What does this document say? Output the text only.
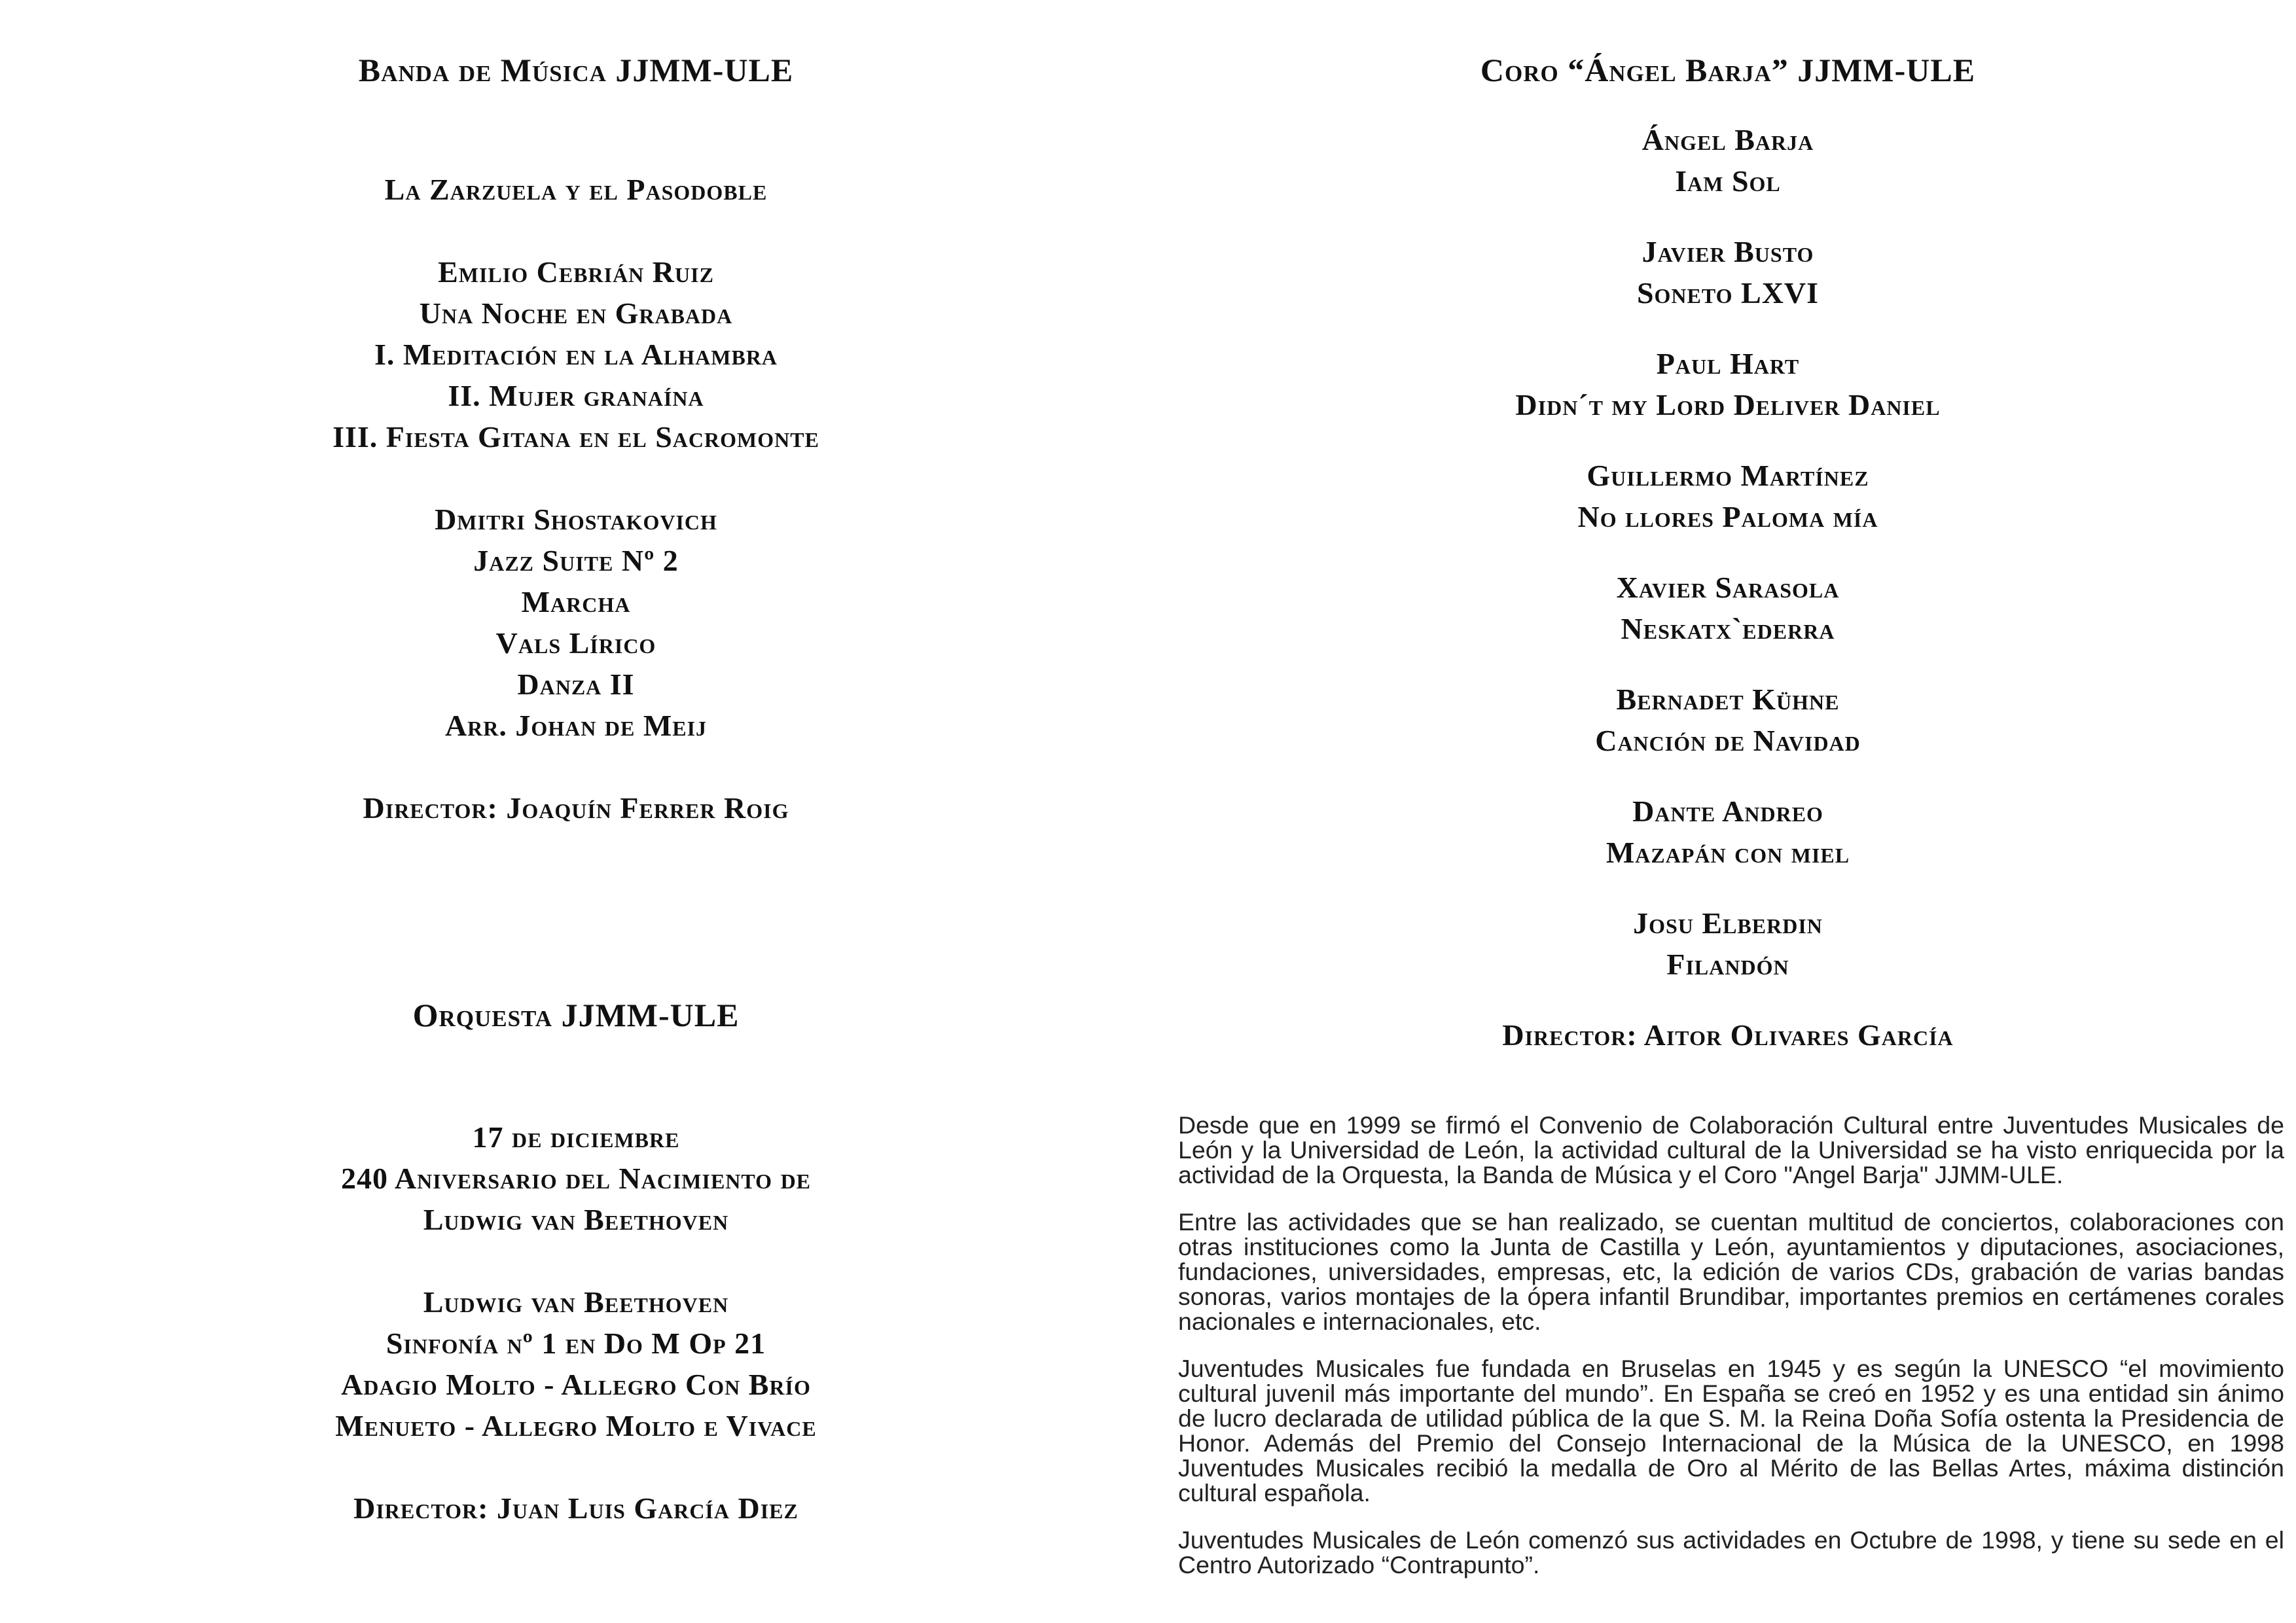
Banda de Música JJMM-ULE
La Zarzuela y el Pasodoble
Emilio Cebrián Ruiz
Una Noche en Grabada
I. Meditación en la Alhambra
II. Mujer granaína
III. Fiesta Gitana en el Sacromonte
Dmitri Shostakovich
Jazz Suite Nº 2
Marcha
Vals Lírico
Danza II
Arr. Johan de Meij
Director: Joaquín Ferrer Roig
Orquesta JJMM-ULE
17 de diciembre
240 Aniversario del Nacimiento de
Ludwig van Beethoven
Ludwig van Beethoven
Sinfonía nº 1 en Do M Op 21
Adagio Molto - Allegro Con Brío
Menueto - Allegro Molto e Vivace
Director: Juan Luis García Diez
Coro “Ángel Barja” JJMM-ULE
Ángel Barja
Iam Sol
Javier Busto
Soneto LXVI
Paul Hart
Didn´t my Lord Deliver Daniel
Guillermo Martínez
No llores Paloma mía
Xavier Sarasola
Neskatx`ederra
Bernadet Kühne
Canción de Navidad
Dante Andreo
Mazapán con miel
Josu Elberdin
Filandón
Director: Aitor Olivares García

Desde que en 1999 se firmó el Convenio de Colaboración Cultural entre Juventudes Musicales de León y la Universidad de León, la actividad cultural de la Universidad se ha visto enriquecida por la actividad de la Orquesta, la Banda de Música y el Coro "Angel Barja" JJMM-ULE.

Entre las actividades que se han realizado, se cuentan multitud de conciertos, colaboraciones con otras instituciones como la Junta de Castilla y León, ayuntamientos y diputaciones, asociaciones, fundaciones, universidades, empresas, etc, la edición de varios CDs, grabación de varias bandas sonoras, varios montajes de la ópera infantil Brundibar, importantes premios en certámenes corales nacionales e internacionales, etc.

Juventudes Musicales fue fundada en Bruselas en 1945 y es según la UNESCO “el movimiento cultural juvenil más importante del mundo”. En España se creó en 1952 y es una entidad sin ánimo de lucro declarada de utilidad pública de la que S. M. la Reina Doña Sofía ostenta la Presidencia de Honor. Además del Premio del Consejo Internacional de la Música de la UNESCO, en 1998 Juventudes Musicales recibió la medalla de Oro al Mérito de las Bellas Artes, máxima distinción cultural española.

Juventudes Musicales de León comenzó sus actividades en Octubre de 1998, y tiene su sede en el Centro Autorizado “Contrapunto”.
